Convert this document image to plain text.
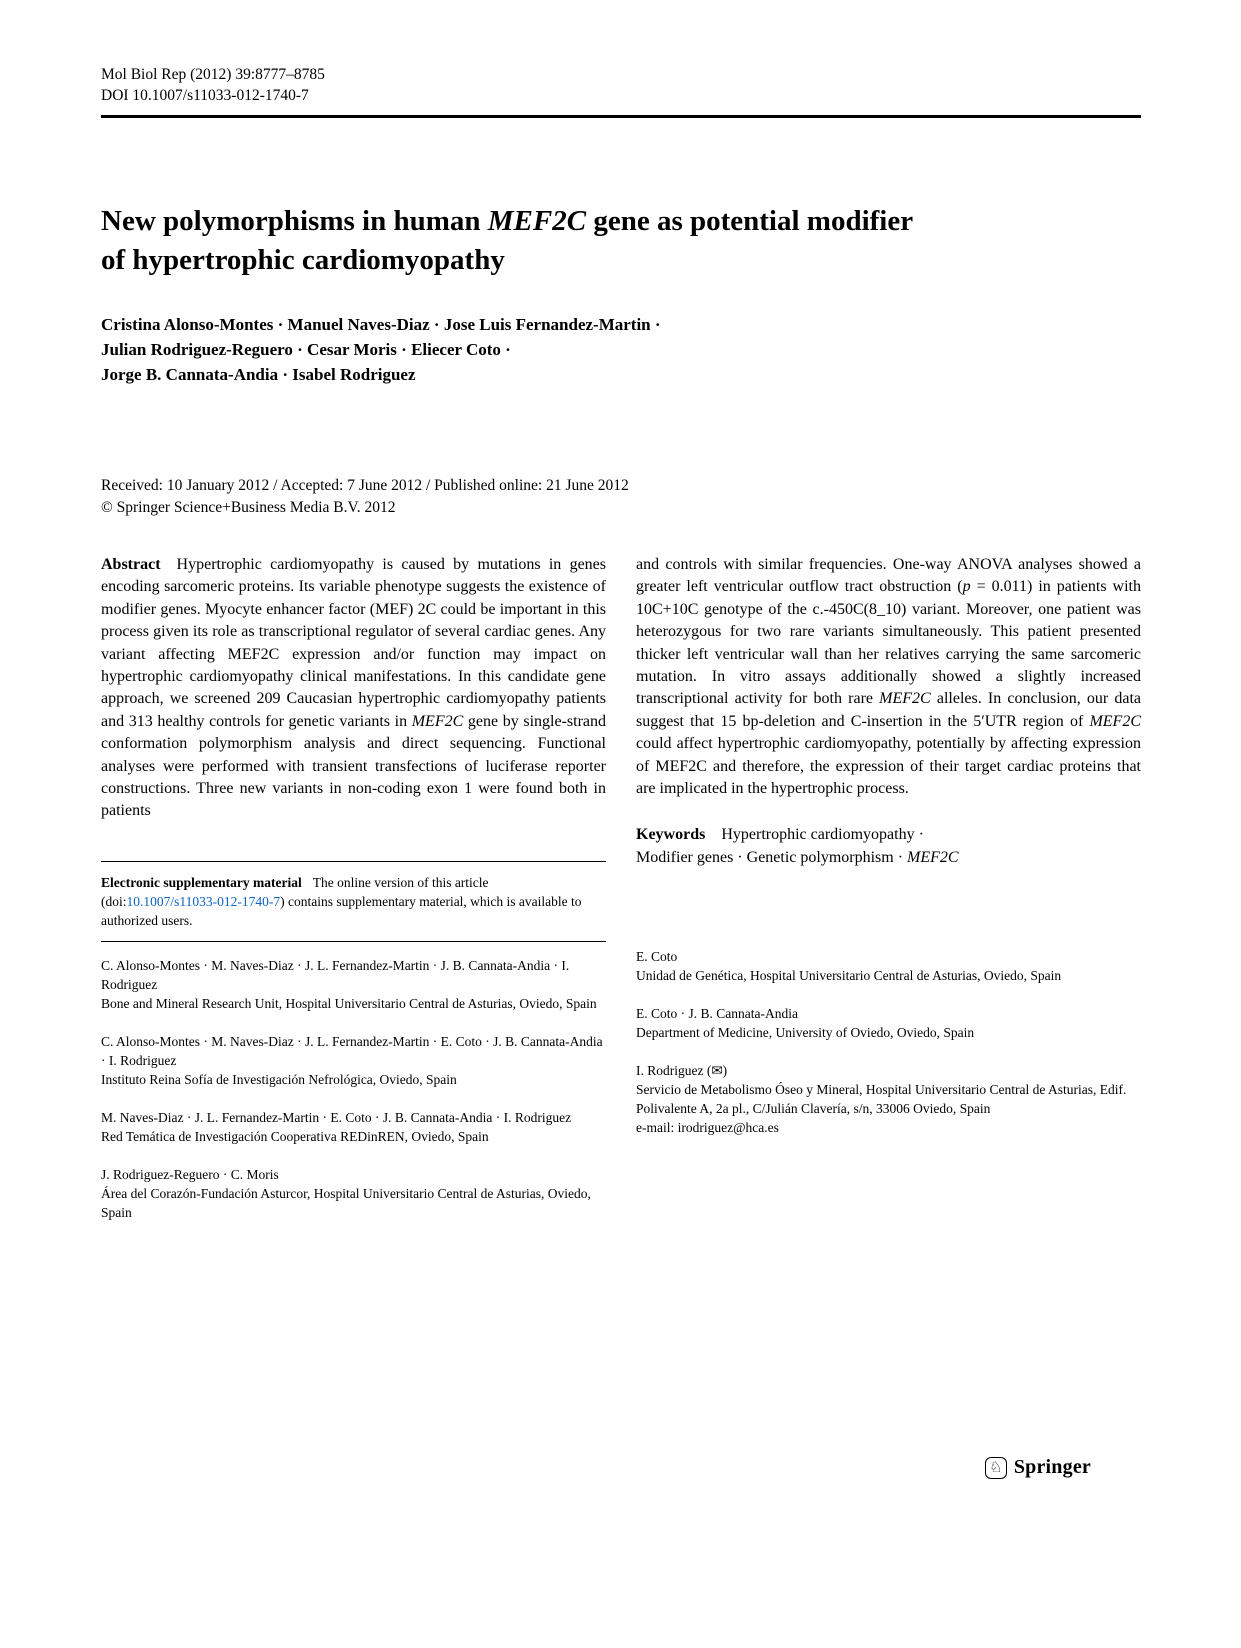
Mol Biol Rep (2012) 39:8777–8785
DOI 10.1007/s11033-012-1740-7
New polymorphisms in human MEF2C gene as potential modifier
of hypertrophic cardiomyopathy
Cristina Alonso-Montes · Manuel Naves-Diaz · Jose Luis Fernandez-Martin ·
Julian Rodriguez-Reguero · Cesar Moris · Eliecer Coto ·
Jorge B. Cannata-Andia · Isabel Rodriguez
Received: 10 January 2012 / Accepted: 7 June 2012 / Published online: 21 June 2012
© Springer Science+Business Media B.V. 2012

Abstract Hypertrophic cardiomyopathy is caused by mutations in genes encoding sarcomeric proteins. Its variable phenotype suggests the existence of modifier genes. Myocyte enhancer factor (MEF) 2C could be important in this process given its role as transcriptional regulator of several cardiac genes. Any variant affecting MEF2C expression and/or function may impact on hypertrophic cardiomyopathy clinical manifestations. In this candidate gene approach, we screened 209 Caucasian hypertrophic cardiomyopathy patients and 313 healthy controls for genetic variants in MEF2C gene by single-strand conformation polymorphism analysis and direct sequencing. Functional analyses were performed with transient transfections of luciferase reporter constructions. Three new variants in non-coding exon 1 were found both in patients

Electronic supplementary material The online version of this article (doi:10.1007/s11033-012-1740-7) contains supplementary material, which is available to authorized users.

C. Alonso-Montes · M. Naves-Diaz · J. L. Fernandez-Martin · J. B. Cannata-Andia · I. Rodriguez
Bone and Mineral Research Unit, Hospital Universitario Central de Asturias, Oviedo, Spain
C. Alonso-Montes · M. Naves-Diaz · J. L. Fernandez-Martin · E. Coto · J. B. Cannata-Andia · I. Rodriguez
Instituto Reina Sofía de Investigación Nefrológica, Oviedo, Spain
M. Naves-Diaz · J. L. Fernandez-Martin · E. Coto · J. B. Cannata-Andia · I. Rodriguez
Red Temática de Investigación Cooperativa REDinREN, Oviedo, Spain
J. Rodriguez-Reguero · C. Moris
Área del Corazón-Fundación Asturcor, Hospital Universitario Central de Asturias, Oviedo, Spain

and controls with similar frequencies. One-way ANOVA analyses showed a greater left ventricular outflow tract obstruction (p = 0.011) in patients with 10C+10C genotype of the c.-450C(8_10) variant. Moreover, one patient was heterozygous for two rare variants simultaneously. This patient presented thicker left ventricular wall than her relatives carrying the same sarcomeric mutation. In vitro assays additionally showed a slightly increased transcriptional activity for both rare MEF2C alleles. In conclusion, our data suggest that 15 bp-deletion and C-insertion in the 5′UTR region of MEF2C could affect hypertrophic cardiomyopathy, potentially by affecting expression of MEF2C and therefore, the expression of their target cardiac proteins that are implicated in the hypertrophic process.

Keywords Hypertrophic cardiomyopathy ·
Modifier genes · Genetic polymorphism · MEF2C
E. Coto
Unidad de Genética, Hospital Universitario Central de Asturias, Oviedo, Spain
E. Coto · J. B. Cannata-Andia
Department of Medicine, University of Oviedo, Oviedo, Spain
I. Rodriguez (✉)
Servicio de Metabolismo Óseo y Mineral, Hospital Universitario Central de Asturias, Edif. Polivalente A, 2a pl., C/Julián Clavería, s/n, 33006 Oviedo, Spain
e-mail: irodriguez@hca.es
♘ Springer
